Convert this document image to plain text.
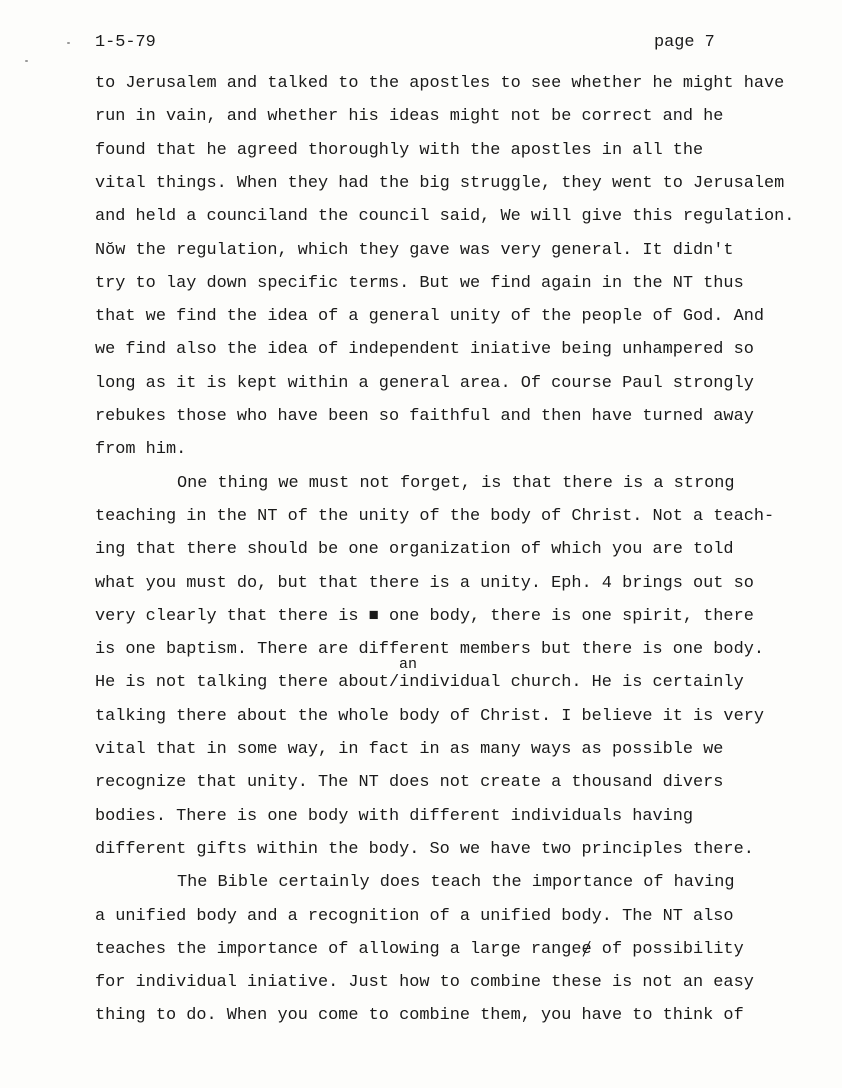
1-5-79	page 7
to Jerusalem and talked to the apostles to see whether he might have
run in vain, and whether his ideas might not be correct and he
found that he agreed thoroughly with the apostles in all the
vital things. When they had the big struggle, they went to Jerusalem
and held a counciland the council said, We will give this regulation.
Nŏw the regulation, which they gave was very general. It didn't
try to lay down specific terms. But we find again in the NT thus
that we find the idea of a general unity of the people of God. And
we find also the idea of independent iniative being unhampered so
long as it is kept within a general area. Of course Paul strongly
rebukes those who have been so faithful and then have turned away
from him.
One thing we must not forget, is that there is a strong
teaching in the NT of the unity of the body of Christ. Not a teach-
ing that there should be one organization of which you are told
what you must do, but that there is a unity. Eph. 4 brings out so
very clearly that there is ■ one body, there is one spirit, there
is one baptism. There are different members but there is one body.
He is not talking there about/individual church. He is certainly
talking there about the whole body of Christ. I believe it is very
vital that in some way, in fact in as many ways as possible we
recognize that unity. The NT does not create a thousand divers
bodies. There is one body with different individuals having
different gifts within the body. So we have two principles there.
The Bible certainly does teach the importance of having
a unified body and a recognition of a unified body. The NT also
teaches the importance of allowing a large rangeɇ of possibility
for individual iniative. Just how to combine these is not an easy
thing to do. When you come to combine them, you have to think of
an
